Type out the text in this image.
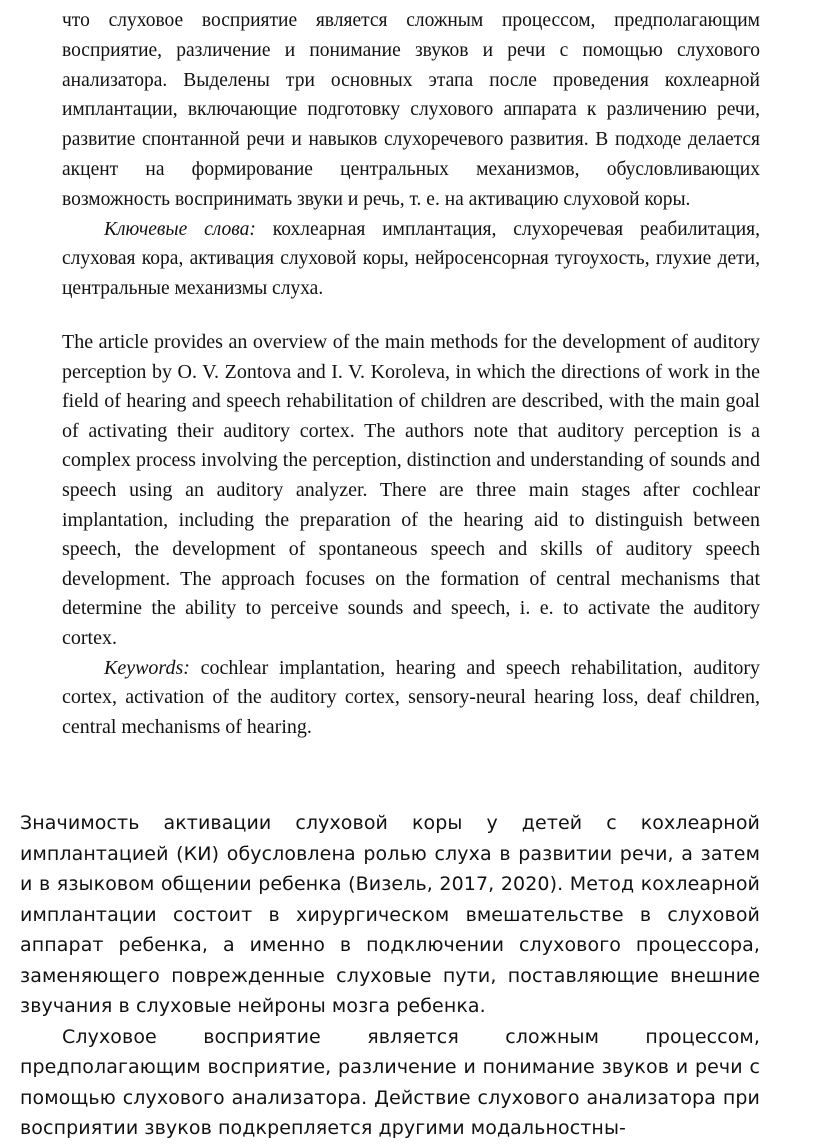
что слуховое восприятие является сложным процессом, предполагающим восприятие, различение и понимание звуков и речи с помощью слухового анализатора. Выделены три основных этапа после проведения кохлеарной имплантации, включающие подготовку слухового аппарата к различению речи, развитие спонтанной речи и навыков слухоречевого развития. В подходе делается акцент на формирование центральных механизмов, обусловливающих возможность воспринимать звуки и речь, т. е. на активацию слуховой коры.

Ключевые слова: кохлеарная имплантация, слухоречевая реабилитация, слуховая кора, активация слуховой коры, нейросенсорная тугоухость, глухие дети, центральные механизмы слуха.

The article provides an overview of the main methods for the development of auditory perception by O. V. Zontova and I. V. Koroleva, in which the directions of work in the field of hearing and speech rehabilitation of children are described, with the main goal of activating their auditory cortex. The authors note that auditory perception is a complex process involving the perception, distinction and understanding of sounds and speech using an auditory analyzer. There are three main stages after cochlear implantation, including the preparation of the hearing aid to distinguish between speech, the development of spontaneous speech and skills of auditory speech development. The approach focuses on the formation of central mechanisms that determine the ability to perceive sounds and speech, i. e. to activate the auditory cortex.

Keywords: cochlear implantation, hearing and speech rehabilitation, auditory cortex, activation of the auditory cortex, sensory-neural hearing loss, deaf children, central mechanisms of hearing.

Значимость активации слуховой коры у детей с кохлеарной имплантацией (КИ) обусловлена ролью слуха в развитии речи, а затем и в языковом общении ребенка (Визель, 2017, 2020). Метод кохлеарной имплантации состоит в хирургическом вмешательстве в слуховой аппарат ребенка, а именно в подключении слухового процессора, заменяющего поврежденные слуховые пути, поставляющие внешние звучания в слуховые нейроны мозга ребенка.

Слуховое восприятие является сложным процессом, предполагающим восприятие, различение и понимание звуков и речи с помощью слухового анализатора. Действие слухового анализатора при восприятии звуков подкрепляется другими модальностны-
